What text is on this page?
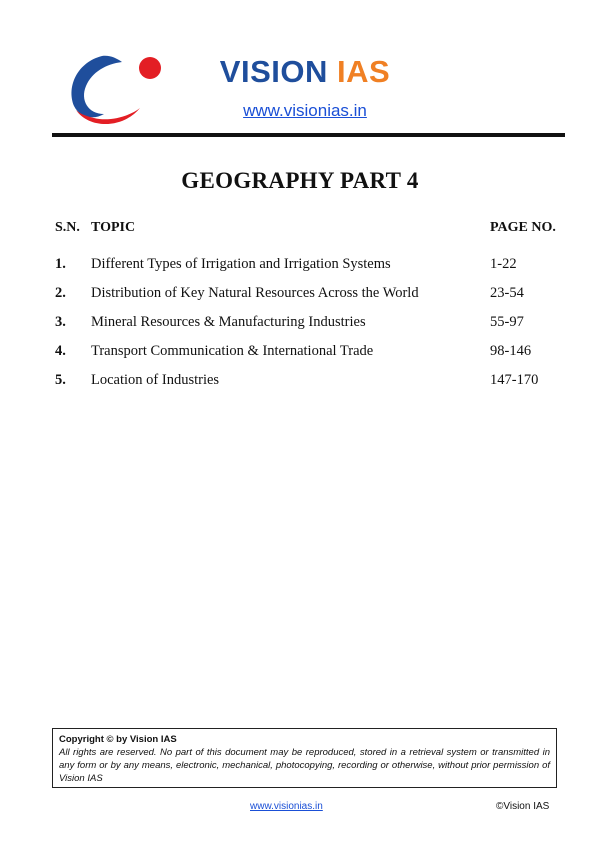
VISION IAS
www.visionias.in
GEOGRAPHY PART 4
S.N. TOPIC	PAGE NO.
1. Different Types of Irrigation and Irrigation Systems	1-22
2. Distribution of Key Natural Resources Across the World	23-54
3. Mineral Resources & Manufacturing Industries	55-97
4. Transport Communication & International Trade	98-146
5. Location of Industries	147-170
Copyright © by Vision IAS
All rights are reserved. No part of this document may be reproduced, stored in a retrieval system or transmitted in any form or by any means, electronic, mechanical, photocopying, recording or otherwise, without prior permission of Vision IAS
www.visionias.in	©Vision IAS
